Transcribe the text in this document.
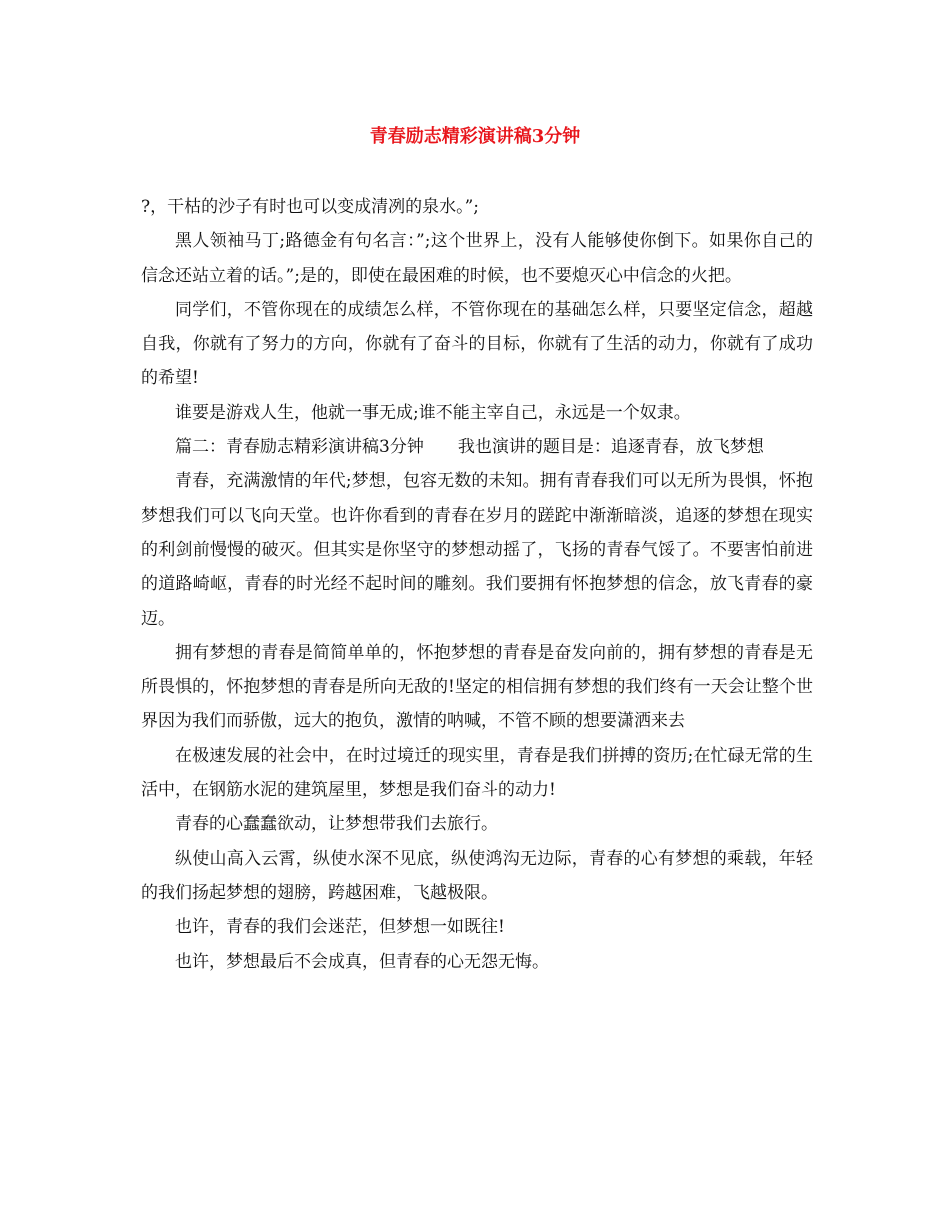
青春励志精彩演讲稿3分钟

?，干枯的沙子有时也可以变成清冽的泉水。”;

黑人领袖马丁;路德金有句名言：”;这个世界上，没有人能够使你倒下。如果你自己的信念还站立着的话。”;是的，即使在最困难的时候，也不要熄灭心中信念的火把。

同学们，不管你现在的成绩怎么样，不管你现在的基础怎么样，只要坚定信念，超越自我，你就有了努力的方向，你就有了奋斗的目标，你就有了生活的动力，你就有了成功的希望!

谁要是游戏人生，他就一事无成;谁不能主宰自己，永远是一个奴隶。

篇二：青春励志精彩演讲稿3分钟　　我也演讲的题目是：追逐青春，放飞梦想

青春，充满激情的年代;梦想，包容无数的未知。拥有青春我们可以无所为畏惧，怀抱梦想我们可以飞向天堂。也许你看到的青春在岁月的蹉跎中渐渐暗淡，追逐的梦想在现实的利剑前慢慢的破灭。但其实是你坚守的梦想动摇了，飞扬的青春气馁了。不要害怕前进的道路崎岖，青春的时光经不起时间的雕刻。我们要拥有怀抱梦想的信念，放飞青春的豪迈。

拥有梦想的青春是简简单单的，怀抱梦想的青春是奋发向前的，拥有梦想的青春是无所畏惧的，怀抱梦想的青春是所向无敌的!坚定的相信拥有梦想的我们终有一天会让整个世界因为我们而骄傲，远大的抱负，激情的呐喊，不管不顾的想要潇洒来去

在极速发展的社会中，在时过境迁的现实里，青春是我们拼搏的资历;在忙碌无常的生活中，在钢筋水泥的建筑屋里，梦想是我们奋斗的动力!

青春的心蠢蠢欲动，让梦想带我们去旅行。

纵使山高入云霄，纵使水深不见底，纵使鸿沟无边际，青春的心有梦想的乘载，年轻的我们扬起梦想的翅膀，跨越困难，飞越极限。

也许，青春的我们会迷茫，但梦想一如既往!

也许，梦想最后不会成真，但青春的心无怨无悔。
